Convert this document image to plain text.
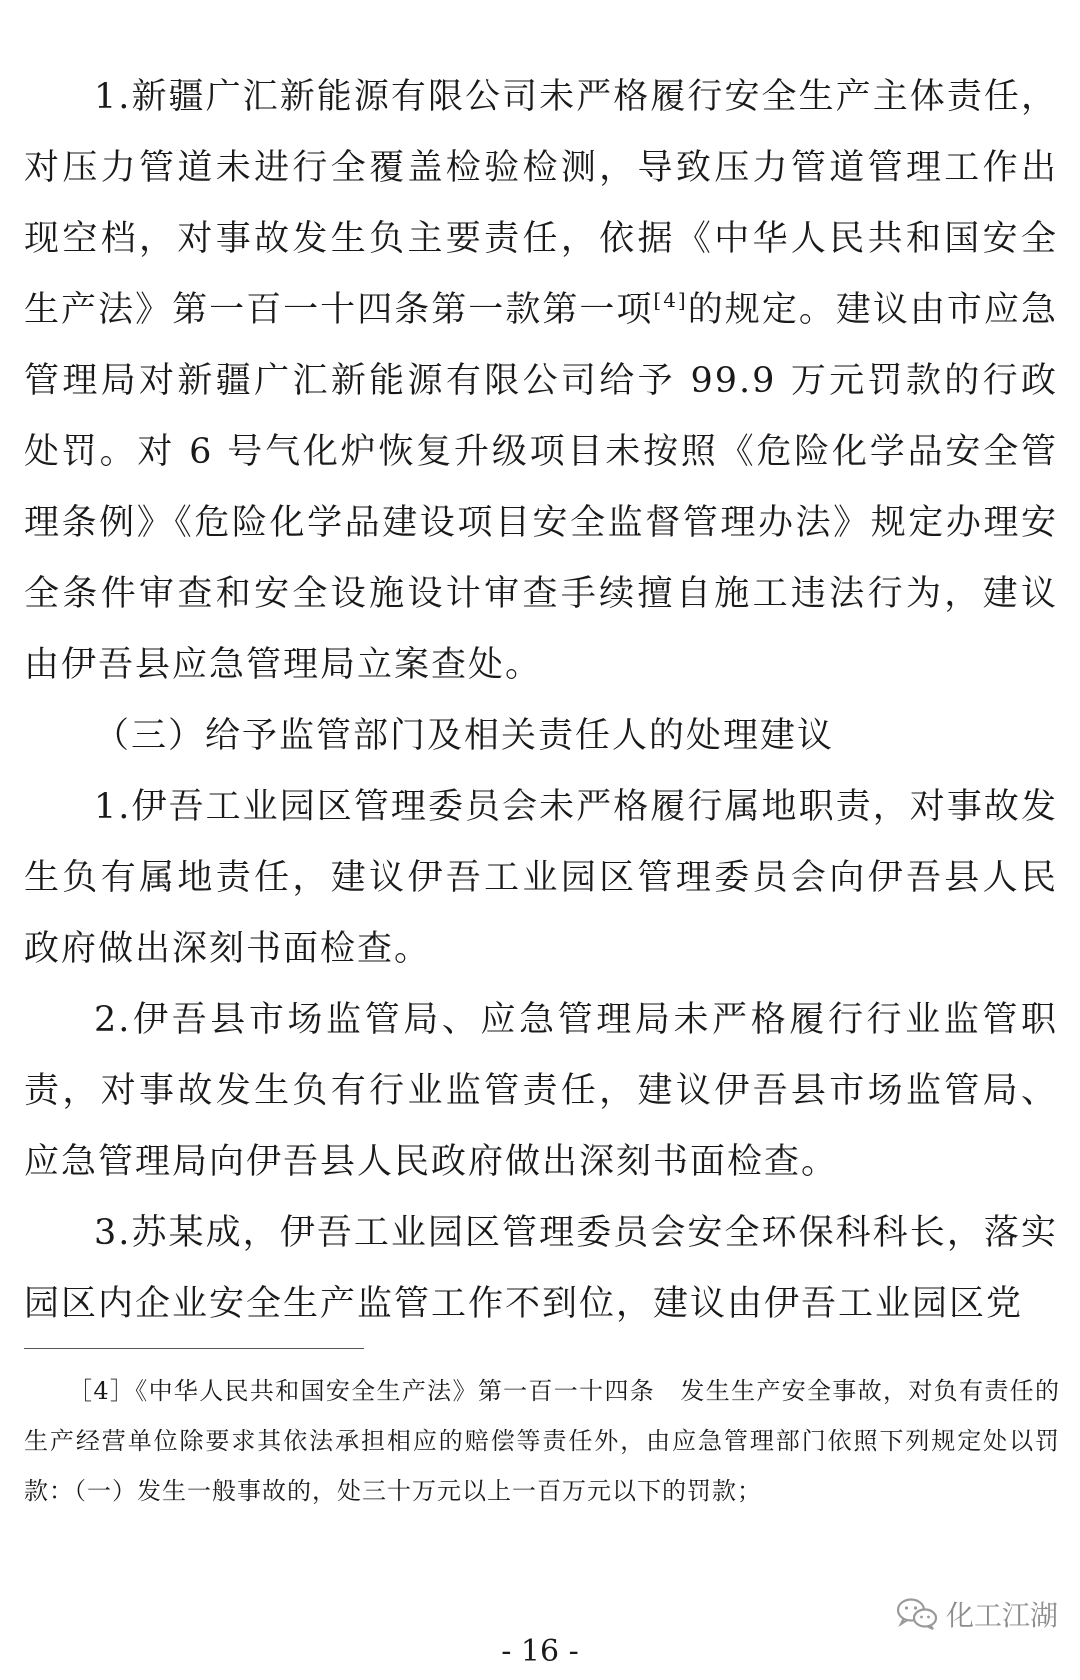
1.新疆广汇新能源有限公司未严格履行安全生产主体责任，对压力管道未进行全覆盖检验检测，导致压力管道管理工作出现空档，对事故发生负主要责任，依据《中华人民共和国安全生产法》第一百一十四条第一款第一项[4]的规定。建议由市应急管理局对新疆广汇新能源有限公司给予 99.9 万元罚款的行政处罚。对 6 号气化炉恢复升级项目未按照《危险化学品安全管理条例》《危险化学品建设项目安全监督管理办法》规定办理安全条件审查和安全设施设计审查手续擅自施工违法行为，建议由伊吾县应急管理局立案查处。

（三）给予监管部门及相关责任人的处理建议

1.伊吾工业园区管理委员会未严格履行属地职责，对事故发生负有属地责任，建议伊吾工业园区管理委员会向伊吾县人民政府做出深刻书面检查。

2.伊吾县市场监管局、应急管理局未严格履行行业监管职责，对事故发生负有行业监管责任，建议伊吾县市场监管局、应急管理局向伊吾县人民政府做出深刻书面检查。

3.苏某成，伊吾工业园区管理委员会安全环保科科长，落实园区内企业安全生产监管工作不到位，建议由伊吾工业园区党

［4］《中华人民共和国安全生产法》第一百一十四条　发生生产安全事故，对负有责任的生产经营单位除要求其依法承担相应的赔偿等责任外，由应急管理部门依照下列规定处以罚款：（一）发生一般事故的，处三十万元以上一百万元以下的罚款；

化工江湖
- 16 -
